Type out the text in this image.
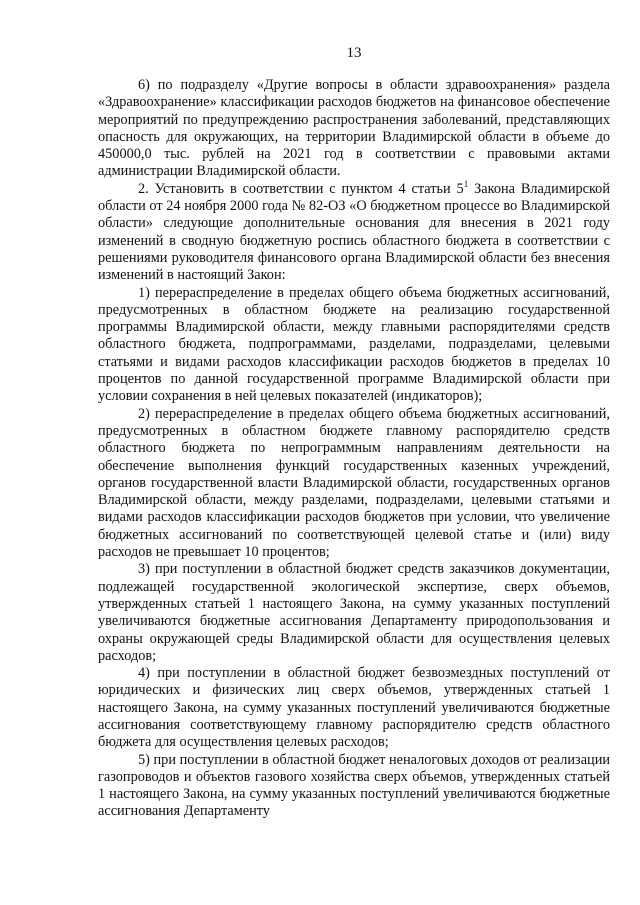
13

6) по подразделу «Другие вопросы в области здравоохранения» раздела «Здравоохранение» классификации расходов бюджетов на финансовое обеспечение мероприятий по предупреждению распространения заболеваний, представляющих опасность для окружающих, на территории Владимирской области в объеме до 450000,0 тыс. рублей на 2021 год в соответствии с правовыми актами администрации Владимирской области.

2. Установить в соответствии с пунктом 4 статьи $5^1$ Закона Владимирской области от 24 ноября 2000 года № 82-ОЗ «О бюджетном процессе во Владимирской области» следующие дополнительные основания для внесения в 2021 году изменений в сводную бюджетную роспись областного бюджета в соответствии с решениями руководителя финансового органа Владимирской области без внесения изменений в настоящий Закон:

1) перераспределение в пределах общего объема бюджетных ассигнований, предусмотренных в областном бюджете на реализацию государственной программы Владимирской области, между главными распорядителями средств областного бюджета, подпрограммами, разделами, подразделами, целевыми статьями и видами расходов классификации расходов бюджетов в пределах 10 процентов по данной государственной программе Владимирской области при условии сохранения в ней целевых показателей (индикаторов);

2) перераспределение в пределах общего объема бюджетных ассигнований, предусмотренных в областном бюджете главному распорядителю средств областного бюджета по непрограммным направлениям деятельности на обеспечение выполнения функций государственных казенных учреждений, органов государственной власти Владимирской области, государственных органов Владимирской области, между разделами, подразделами, целевыми статьями и видами расходов классификации расходов бюджетов при условии, что увеличение бюджетных ассигнований по соответствующей целевой статье и (или) виду расходов не превышает 10 процентов;

3) при поступлении в областной бюджет средств заказчиков документации, подлежащей государственной экологической экспертизе, сверх объемов, утвержденных статьей 1 настоящего Закона, на сумму указанных поступлений увеличиваются бюджетные ассигнования Департаменту природопользования и охраны окружающей среды Владимирской области для осуществления целевых расходов;

4) при поступлении в областной бюджет безвозмездных поступлений от юридических и физических лиц сверх объемов, утвержденных статьей 1 настоящего Закона, на сумму указанных поступлений увеличиваются бюджетные ассигнования соответствующему главному распорядителю средств областного бюджета для осуществления целевых расходов;

5) при поступлении в областной бюджет неналоговых доходов от реализации газопроводов и объектов газового хозяйства сверх объемов, утвержденных статьей 1 настоящего Закона, на сумму указанных поступлений увеличиваются бюджетные ассигнования Департаменту
